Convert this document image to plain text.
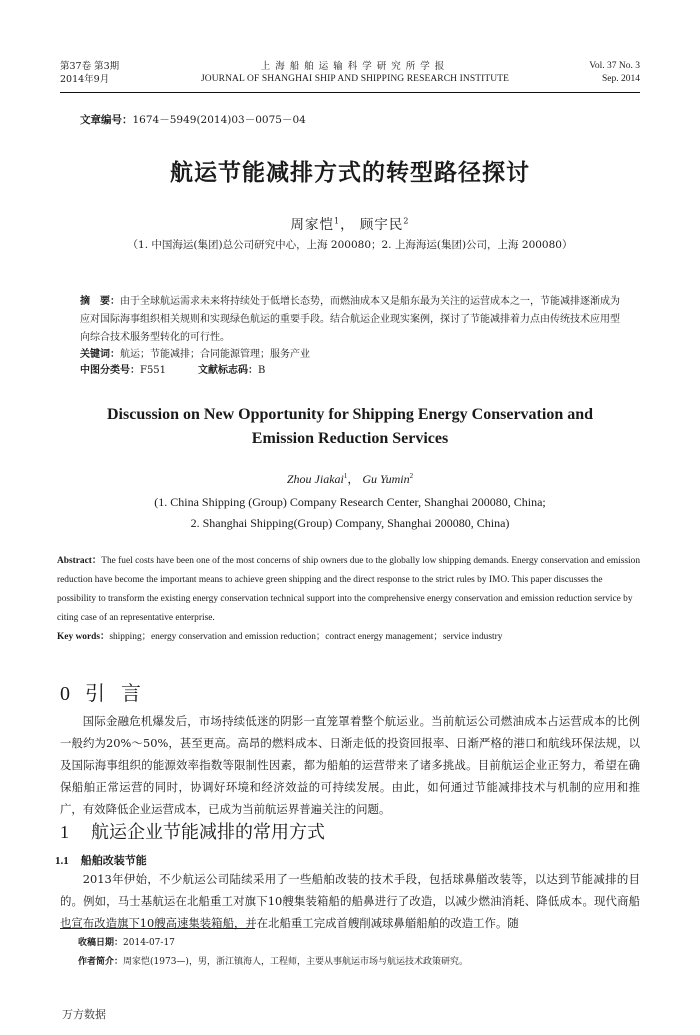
第37卷 第3期
2014年9月
上海船舶运输科学研究所学报
JOURNAL OF SHANGHAI SHIP AND SHIPPING RESEARCH INSTITUTE
Vol. 37 No. 3
Sep. 2014
文章编号：1674－5949(2014)03－0075－04
航运节能减排方式的转型路径探讨
周家恺$^1$， 顾宇民$^2$
（1. 中国海运(集团)总公司研究中心，上海 200080；2. 上海海运(集团)公司，上海 200080）
摘　要：由于全球航运需求未来将持续处于低增长态势，而燃油成本又是船东最为关注的运营成本之一，节能减排逐渐成为应对国际海事组织相关规则和实现绿色航运的重要手段。结合航运企业现实案例，探讨了节能减排着力点由传统技术应用型向综合技术服务型转化的可行性。
关键词：航运；节能减排；合同能源管理；服务产业
中图分类号：F551	文献标志码：B
Discussion on New Opportunity for Shipping Energy Conservation and
Emission Reduction Services
Zhou Jiakai$^1$， Gu Yumin$^2$
(1. China Shipping (Group) Company Research Center, Shanghai 200080, China;
2. Shanghai Shipping(Group) Company, Shanghai 200080, China)
Abstract：The fuel costs have been one of the most concerns of ship owners due to the globally low shipping demands. Energy conservation and emission reduction have become the important means to achieve green shipping and the direct response to the strict rules by IMO. This paper discusses the possibility to transform the existing energy conservation technical support into the comprehensive energy conservation and emission reduction service by citing case of an representative enterprise.
Key words：shipping；energy conservation and emission reduction；contract energy management；service industry
0 引言

国际金融危机爆发后，市场持续低迷的阴影一直笼罩着整个航运业。当前航运公司燃油成本占运营成本的比例一般约为20%～50%，甚至更高。高昂的燃料成本、日渐走低的投资回报率、日渐严格的港口和航线环保法规，以及国际海事组织的能源效率指数等限制性因素，都为船舶的运营带来了诸多挑战。目前航运企业正努力，希望在确保船舶正常运营的同时，协调好环境和经济效益的可持续发展。由此，如何通过节能减排技术与机制的应用和推广，有效降低企业运营成本，已成为当前航运界普遍关注的问题。

1 航运企业节能减排的常用方式
1.1 船舶改装节能

2013年伊始，不少航运公司陆续采用了一些船舶改装的技术手段，包括球鼻艏改装等，以达到节能减排的目的。例如，马士基航运在北船重工对旗下10艘集装箱船的船鼻进行了改造，以减少燃油消耗、降低成本。现代商船也宣布改造旗下10艘高速集装箱船，并在北船重工完成首艘削减球鼻艏船舶的改造工作。随

收稿日期：2014-07-17
作者简介：周家恺(1973—)，男，浙江镇海人，工程师，主要从事航运市场与航运技术政策研究。
万方数据
